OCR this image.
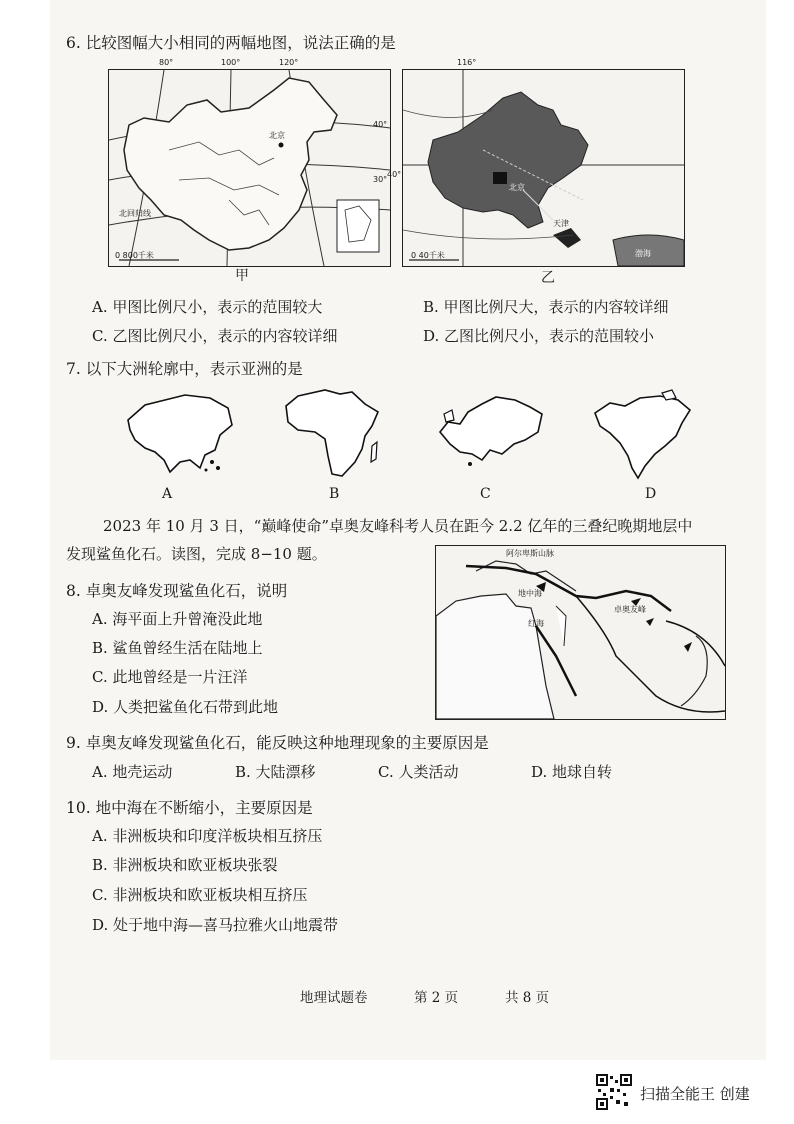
6. 比较图幅大小相同的两幅地图，说法正确的是
80°	100°	120°
40°
30°
北京
北回归线
0 800千米
甲
116°
40°
北京
天津
渤海
0 40千米
乙
A. 甲图比例尺小，表示的范围较大	B. 甲图比例尺大，表示的内容较详细
C. 乙图比例尺小，表示的内容较详细	D. 乙图比例尺小，表示的范围较小
7. 以下大洲轮廓中，表示亚洲的是
A	B	C	D
2023 年 10 月 3 日，“巅峰使命”卓奥友峰科考人员在距今 2.2 亿年的三叠纪晚期地层中
发现鲨鱼化石。读图，完成 8−10 题。	阿尔卑斯山脉
地中海
红海
卓奥友峰
8. 卓奥友峰发现鲨鱼化石，说明
A. 海平面上升曾淹没此地
B. 鲨鱼曾经生活在陆地上
C. 此地曾经是一片汪洋
D. 人类把鲨鱼化石带到此地
9. 卓奥友峰发现鲨鱼化石，能反映这种地理现象的主要原因是
A. 地壳运动	B. 大陆漂移	C. 人类活动	D. 地球自转
10. 地中海在不断缩小，主要原因是
A. 非洲板块和印度洋板块相互挤压
B. 非洲板块和欧亚板块张裂
C. 非洲板块和欧亚板块相互挤压
D. 处于地中海—喜马拉雅火山地震带
地理试题卷	第 2 页	共 8 页
扫描全能王 创建
